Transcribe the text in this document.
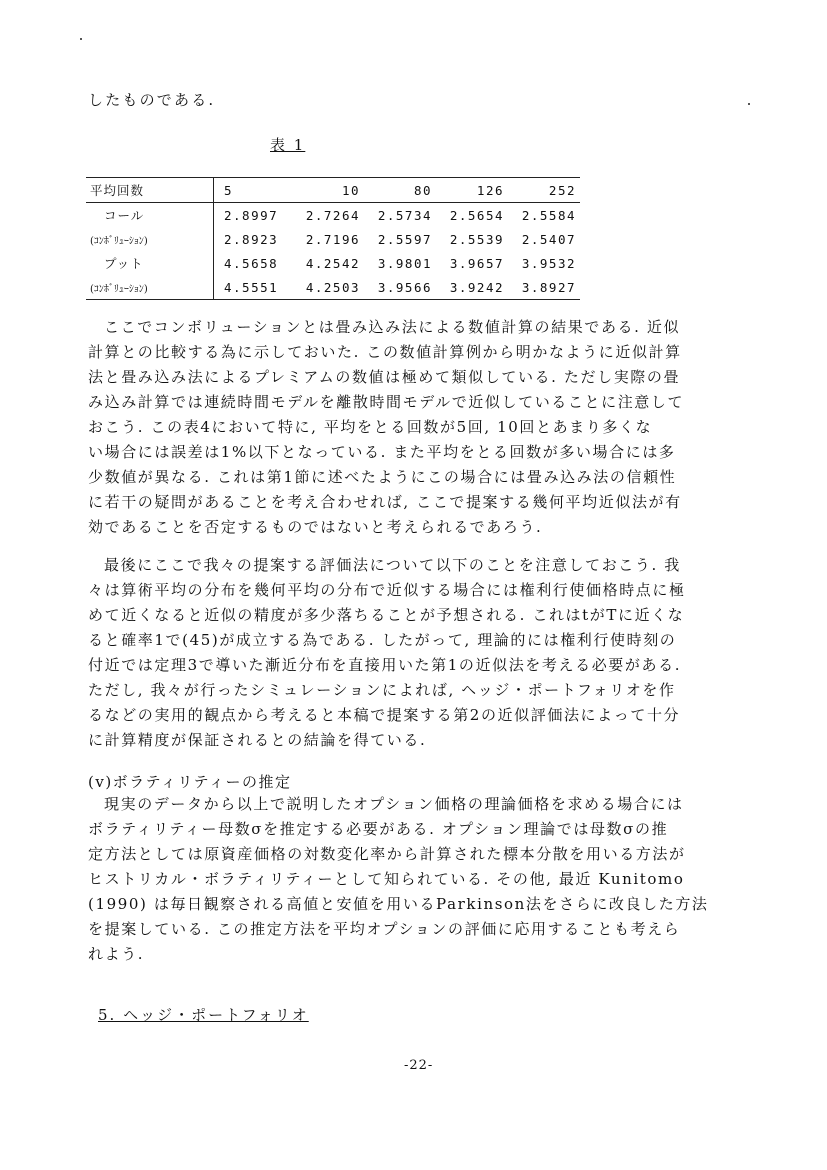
したものである.
表 1
平均回数	5	10	80	126	252
コール	2.8997	2.7264	2.5734	2.5654	2.5584
(ｺﾝﾎﾞﾘｭｰｼｮﾝ)	2.8923	2.7196	2.5597	2.5539	2.5407
プット	4.5658	4.2542	3.9801	3.9657	3.9532
(ｺﾝﾎﾞﾘｭｰｼｮﾝ)	4.5551	4.2503	3.9566	3.9242	3.8927
ここでコンボリューションとは畳み込み法による数値計算の結果である. 近似
計算との比較する為に示しておいた. この数値計算例から明かなように近似計算
法と畳み込み法によるプレミアムの数値は極めて類似している. ただし実際の畳
み込み計算では連続時間モデルを離散時間モデルで近似していることに注意して
おこう. この表4において特に, 平均をとる回数が5回, 10回とあまり多くな
い場合には誤差は1%以下となっている. また平均をとる回数が多い場合には多
少数値が異なる. これは第1節に述べたようにこの場合には畳み込み法の信頼性
に若干の疑問があることを考え合わせれば, ここで提案する幾何平均近似法が有
効であることを否定するものではないと考えられるであろう.
最後にここで我々の提案する評価法について以下のことを注意しておこう. 我
々は算術平均の分布を幾何平均の分布で近似する場合には権利行使価格時点に極
めて近くなると近似の精度が多少落ちることが予想される. これはtがTに近くな
ると確率1で(45)が成立する為である. したがって, 理論的には権利行使時刻の
付近では定理3で導いた漸近分布を直接用いた第1の近似法を考える必要がある.
ただし, 我々が行ったシミュレーションによれば, ヘッジ・ポートフォリオを作
るなどの実用的観点から考えると本稿で提案する第2の近似評価法によって十分
に計算精度が保証されるとの結論を得ている.
(v)ボラティリティーの推定
現実のデータから以上で説明したオプション価格の理論価格を求める場合には
ボラティリティー母数σを推定する必要がある. オプション理論では母数σの推
定方法としては原資産価格の対数変化率から計算された標本分散を用いる方法が
ヒストリカル・ボラティリティーとして知られている. その他, 最近 Kunitomo
(1990) は毎日観察される高値と安値を用いるParkinson法をさらに改良した方法
を提案している. この推定方法を平均オプションの評価に応用することも考えら
れよう.
5. ヘッジ・ポートフォリオ
-22-
